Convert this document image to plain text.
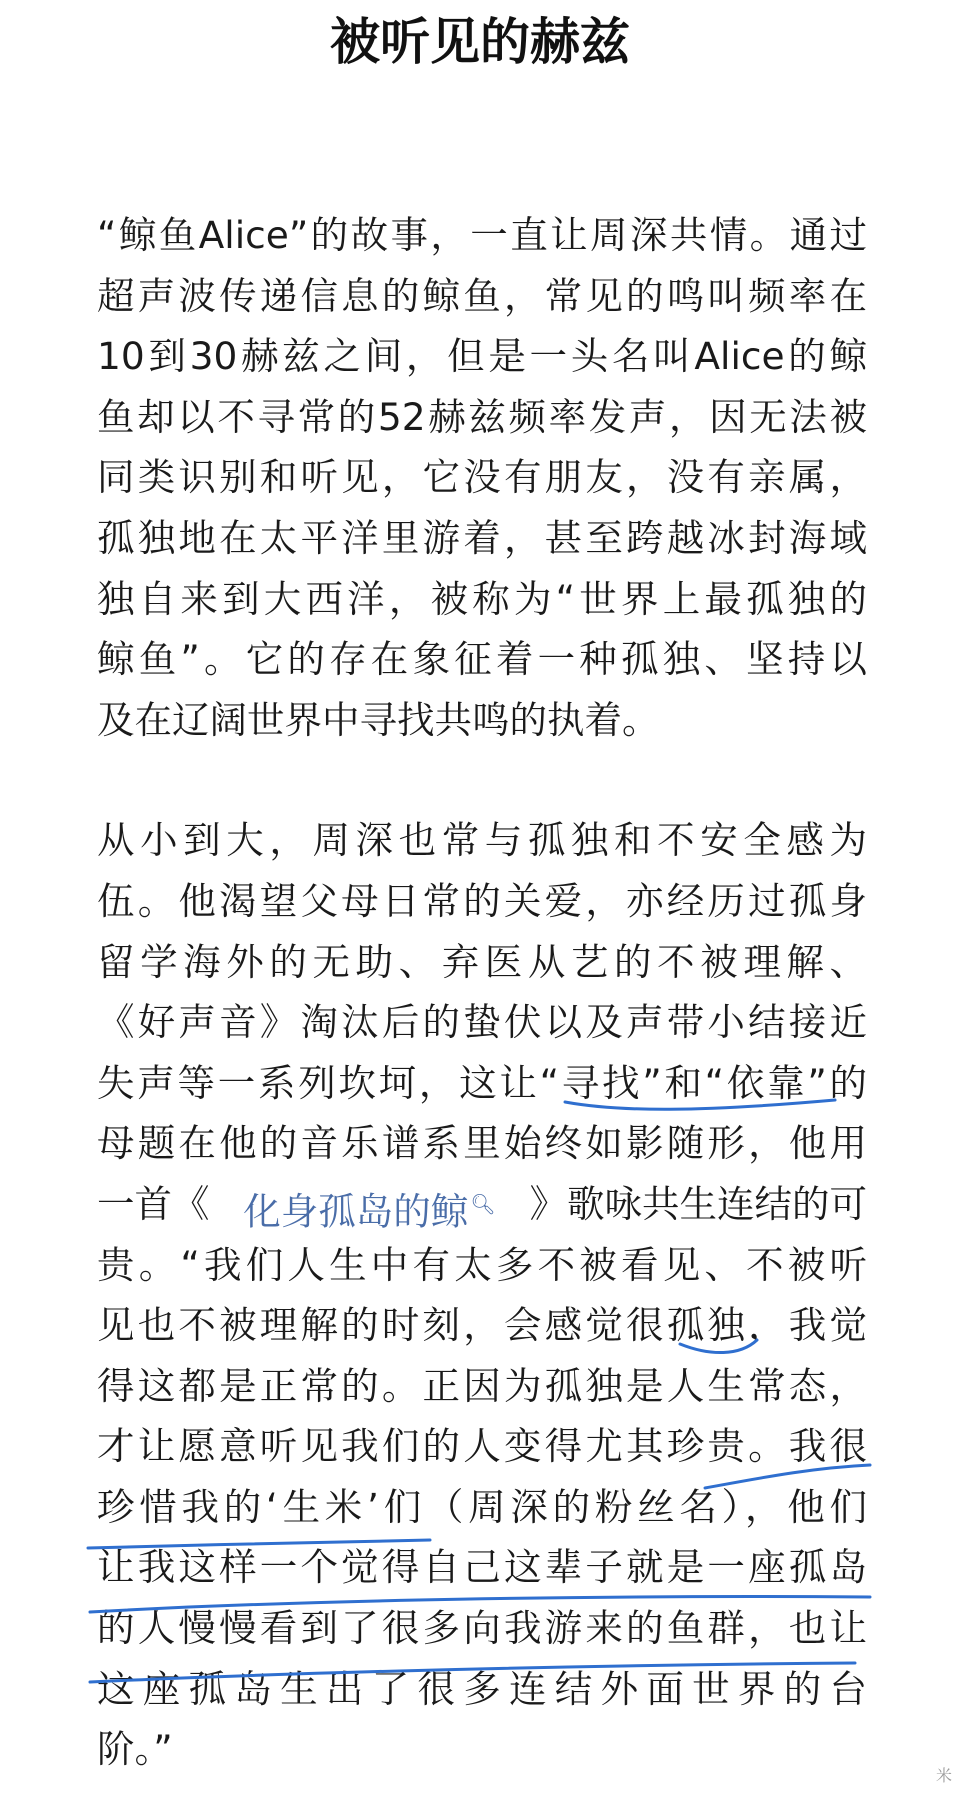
被听见的赫兹
“鲸鱼Alice”的故事，一直让周深共情。通过
超声波传递信息的鲸鱼，常见的鸣叫频率在
10到30赫兹之间，但是一头名叫Alice的鲸
鱼却以不寻常的52赫兹频率发声，因无法被
同类识别和听见，它没有朋友，没有亲属，
孤独地在太平洋里游着，甚至跨越冰封海域
独自来到大西洋，被称为“世界上最孤独的
鲸鱼”。它的存在象征着一种孤独、坚持以
及在辽阔世界中寻找共鸣的执着。
从小到大，周深也常与孤独和不安全感为
伍。他渴望父母日常的关爱，亦经历过孤身
留学海外的无助、弃医从艺的不被理解、
《好声音》淘汰后的蛰伏以及声带小结接近
失声等一系列坎坷，这让“寻找”和“依靠”的
母题在他的音乐谱系里始终如影随形，他用
一首《 化身孤岛的鲸 🔍︎ 》歌咏共生连结的可
贵。“我们人生中有太多不被看见、不被听
见也不被理解的时刻，会感觉很孤独，我觉
得这都是正常的。正因为孤独是人生常态，
才让愿意听见我们的人变得尤其珍贵。我很
珍惜我的‘生米’们（周深的粉丝名），他们
让我这样一个觉得自己这辈子就是一座孤岛
的人慢慢看到了很多向我游来的鱼群，也让
这座孤岛生出了很多连结外面世界的台
阶。”
米
